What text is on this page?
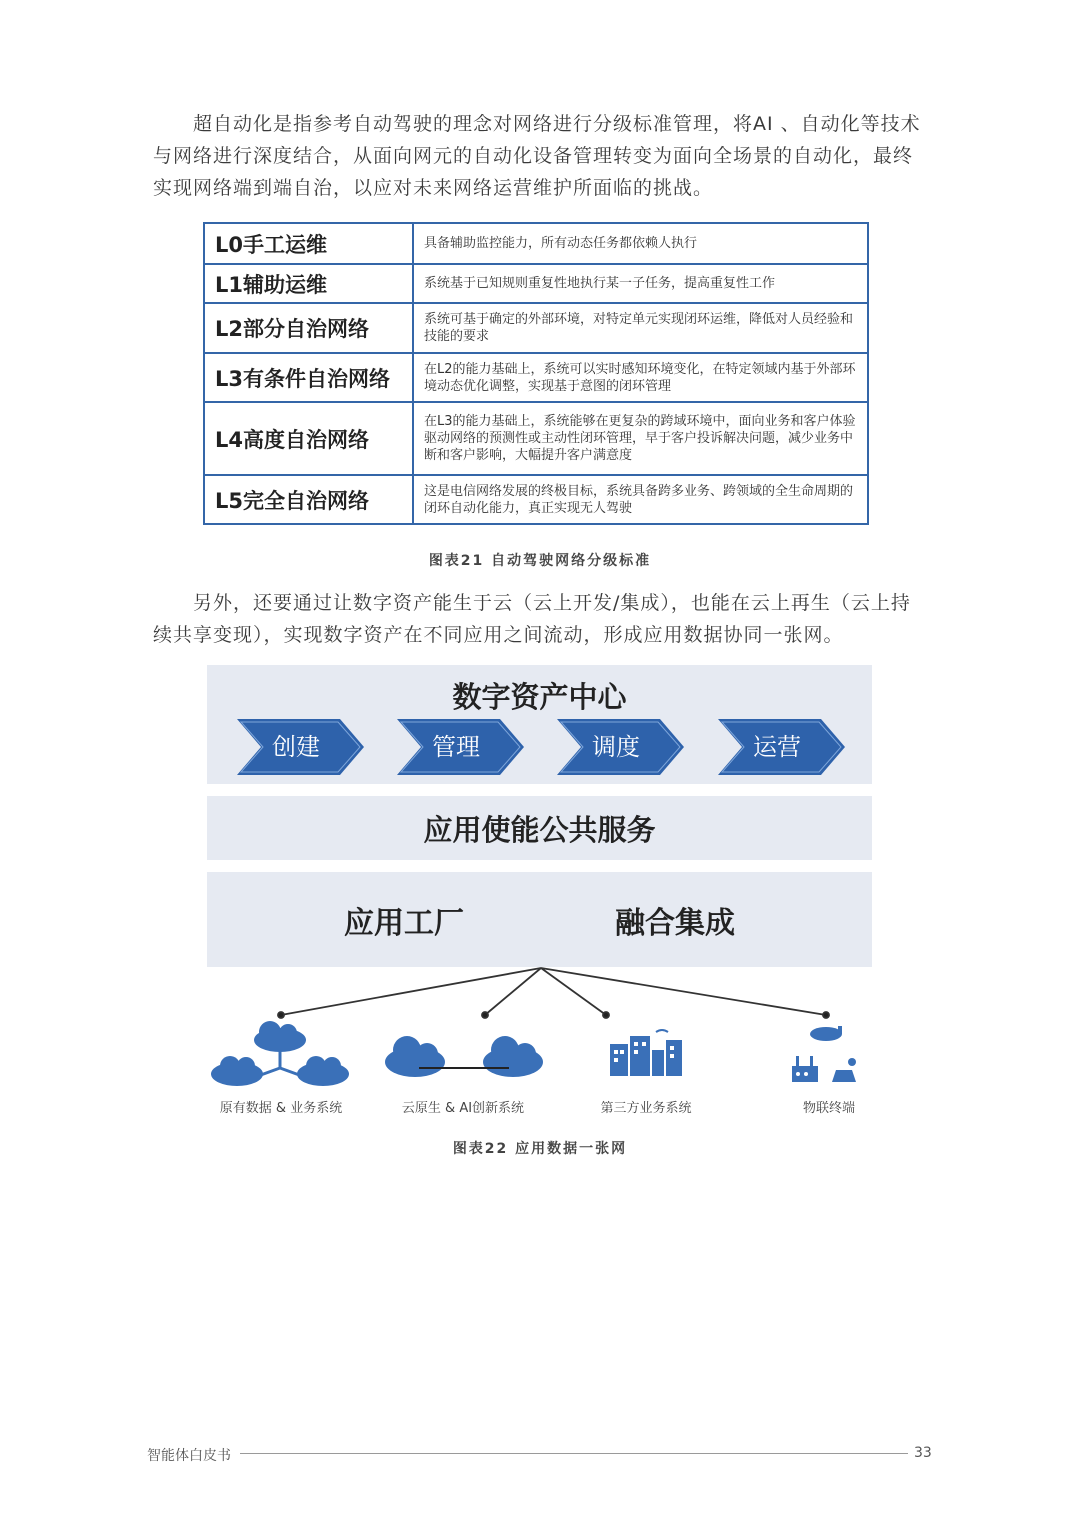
超自动化是指参考自动驾驶的理念对网络进行分级标准管理，将AI 、自动化等技术与网络进行深度结合，从面向网元的自动化设备管理转变为面向全场景的自动化，最终实现网络端到端自治，以应对未来网络运营维护所面临的挑战。

L0手工运维	具备辅助监控能力，所有动态任务都依赖人执行
L1辅助运维	系统基于已知规则重复性地执行某一子任务，提高重复性工作
L2部分自治网络	系统可基于确定的外部环境，对特定单元实现闭环运维，降低对人员经验和技能的要求
L3有条件自治网络	在L2的能力基础上，系统可以实时感知环境变化，在特定领域内基于外部环境动态优化调整，实现基于意图的闭环管理
L4高度自治网络	在L3的能力基础上，系统能够在更复杂的跨域环境中，面向业务和客户体验驱动网络的预测性或主动性闭环管理，早于客户投诉解决问题，减少业务中断和客户影响，大幅提升客户满意度
L5完全自治网络	这是电信网络发展的终极目标，系统具备跨多业务、跨领域的全生命周期的闭环自动化能力，真正实现无人驾驶
图表21 自动驾驶网络分级标准

另外，还要通过让数字资产能生于云（云上开发/集成），也能在云上再生（云上持续共享变现），实现数字资产在不同应用之间流动，形成应用数据协同一张网。

数字资产中心
创建	管理	调度	运营
应用使能公共服务
应用工厂	融合集成
原有数据 & 业务系统	云原生 & AI创新系统	第三方业务系统	物联终端
图表22 应用数据一张网
智能体白皮书	33
